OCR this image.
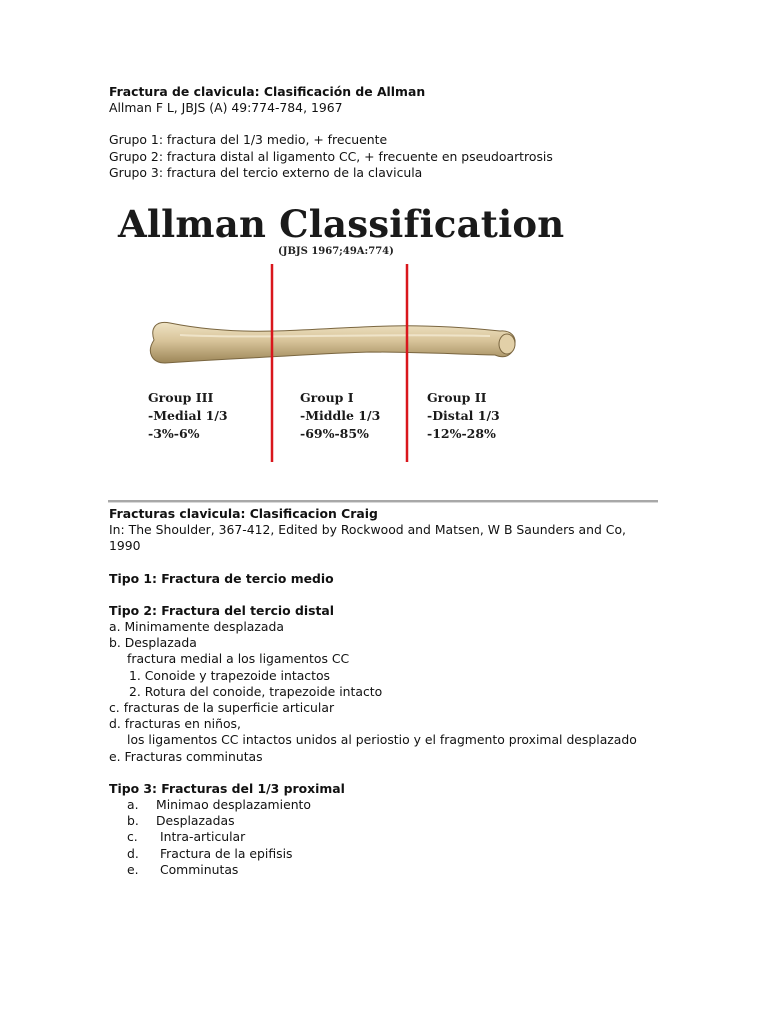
Fractura de clavicula: Clasificación de Allman
Allman F L, JBJS (A) 49:774-784, 1967
Grupo 1: fractura del 1/3 medio, + frecuente
Grupo 2: fractura distal al ligamento CC, + frecuente en pseudoartrosis
Grupo 3: fractura del tercio externo de la clavicula
Allman Classification
(JBJS 1967;49A:774)
Group III
-Medial 1/3
-3%-6%
Group I
-Middle 1/3
-69%-85%
Group II
-Distal 1/3
-12%-28%
Fracturas clavicula: Clasificacion Craig
In: The Shoulder, 367-412, Edited by Rockwood and Matsen, W B Saunders and Co,
1990
Tipo 1: Fractura de tercio medio
Tipo 2: Fractura del tercio distal
a. Minimamente desplazada
b. Desplazada
fractura medial a los ligamentos CC
1. Conoide y trapezoide intactos
2. Rotura del conoide, trapezoide intacto
c. fracturas de la superficie articular
d. fracturas en niños,
los ligamentos CC intactos unidos al periostio y el fragmento proximal desplazado
e. Fracturas comminutas
Tipo 3: Fracturas del 1/3 proximal
a. Minimao desplazamiento
b. Desplazadas
c. Intra-articular
d. Fractura de la epifisis
e. Comminutas
